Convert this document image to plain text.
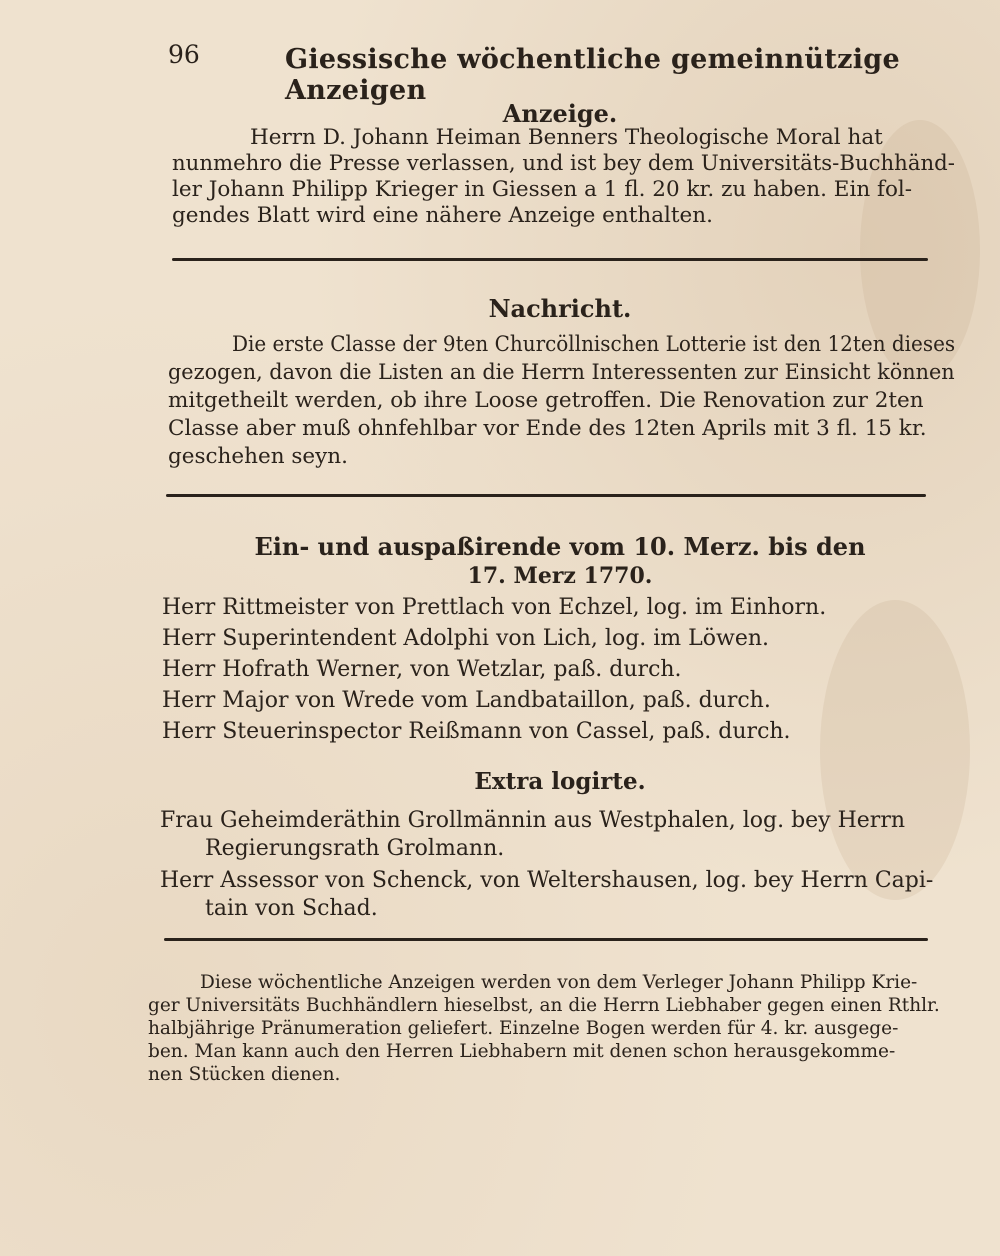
96	Giessische wöchentliche gemeinnützige Anzeigen
Anzeige.
Herrn D. Johann Heiman Benners Theologische Moral hat
nunmehro die Presse verlassen, und ist bey dem Universitäts-Buchhänd-
ler Johann Philipp Krieger in Giessen a 1 fl. 20 kr. zu haben. Ein fol-
gendes Blatt wird eine nähere Anzeige enthalten.
Nachricht.
Die erste Classe der 9ten Churcöllnischen Lotterie ist den 12ten dieses
gezogen, davon die Listen an die Herrn Interessenten zur Einsicht können
mitgetheilt werden, ob ihre Loose getroffen. Die Renovation zur 2ten
Classe aber muß ohnfehlbar vor Ende des 12ten Aprils mit 3 fl. 15 kr.
geschehen seyn.
Ein- und auspaßirende vom 10. Merz. bis den
17. Merz 1770.
Herr Rittmeister von Prettlach von Echzel, log. im Einhorn.
Herr Superintendent Adolphi von Lich, log. im Löwen.
Herr Hofrath Werner, von Wetzlar, paß. durch.
Herr Major von Wrede vom Landbataillon, paß. durch.
Herr Steuerinspector Reißmann von Cassel, paß. durch.
Extra logirte.
Frau Geheimderäthin Grollmännin aus Westphalen, log. bey Herrn
Regierungsrath Grolmann.
Herr Assessor von Schenck, von Weltershausen, log. bey Herrn Capi-
tain von Schad.
Diese wöchentliche Anzeigen werden von dem Verleger Johann Philipp Krie-
ger Universitäts Buchhändlern hieselbst, an die Herrn Liebhaber gegen einen Rthlr.
halbjährige Pränumeration geliefert. Einzelne Bogen werden für 4. kr. ausgege-
ben. Man kann auch den Herren Liebhabern mit denen schon herausgekomme-
nen Stücken dienen.
